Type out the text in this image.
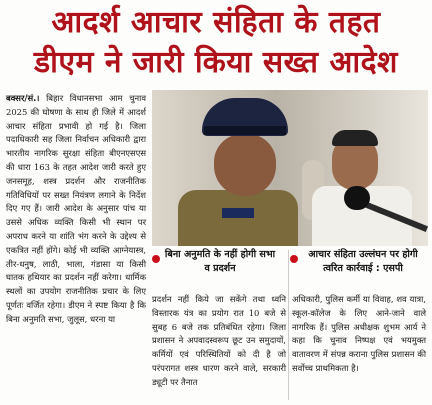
आदर्श आचार संहिता के तहत
डीएम ने जारी किया सख्त आदेश
बक्सर/सं.। बिहार विधानसभा आम चुनाव 2025 की घोषणा के साथ ही जिले में आदर्श आचार संहिता प्रभावी हो गई है। जिला पदाधिकारी सह जिला निर्वाचन अधिकारी द्वारा भारतीय नागरिक सुरक्षा संहिता बीएनएसएस की धारा 163 के तहत आदेश जारी करते हुए जनसमूह, शस्त्र प्रदर्शन और राजनीतिक गतिविधियों पर सख्त नियंत्रण लगाने के निर्देश दिए गए हैं। जारी आदेश के अनुसार पांच या उससे अधिक व्यक्ति किसी भी स्थान पर अपराध करने या शांति भंग करने के उद्देश्य से एकत्रित नहीं होंगे। कोई भी व्यक्ति आग्नेयास्त्र, तीर-धनुष, लाठी, भाला, गंडासा या किसी घातक हथियार का प्रदर्शन नहीं करेगा। धार्मिक स्थलों का उपयोग राजनीतिक प्रचार के लिए पूर्णतः वर्जित रहेगा। डीएम ने स्पष्ट किया है कि बिना अनुमति सभा, जुलूस, धरना या
बिना अनुमति के नहीं होगी सभा व प्रदर्शन
आचार संहिता उल्लंघन पर होगी त्वरित कार्रवाई : एसपी
प्रदर्शन नहीं किये जा सकेंगे तथा ध्वनि विस्तारक यंत्र का प्रयोग रात 10 बजे से सुबह 6 बजे तक प्रतिबंधित रहेगा। जिला प्रशासन ने अपवादस्वरूप छूट उन समुदायों, कर्मियों एवं परिस्थितियों को दी है जो परंपरागत शस्त्र धारण करने वाले, सरकारी ड्यूटी पर तैनात
अधिकारी, पुलिस कर्मी या विवाह, शव यात्रा, स्कूल-कॉलेज के लिए आने-जाने वाले नागरिक हैं। पुलिस अधीक्षक शुभम आर्य ने कहा कि चुनाव निष्पक्ष एवं भयमुक्त वातावरण में संपन्न कराना पुलिस प्रशासन की सर्वोच्च प्राथमिकता है।
